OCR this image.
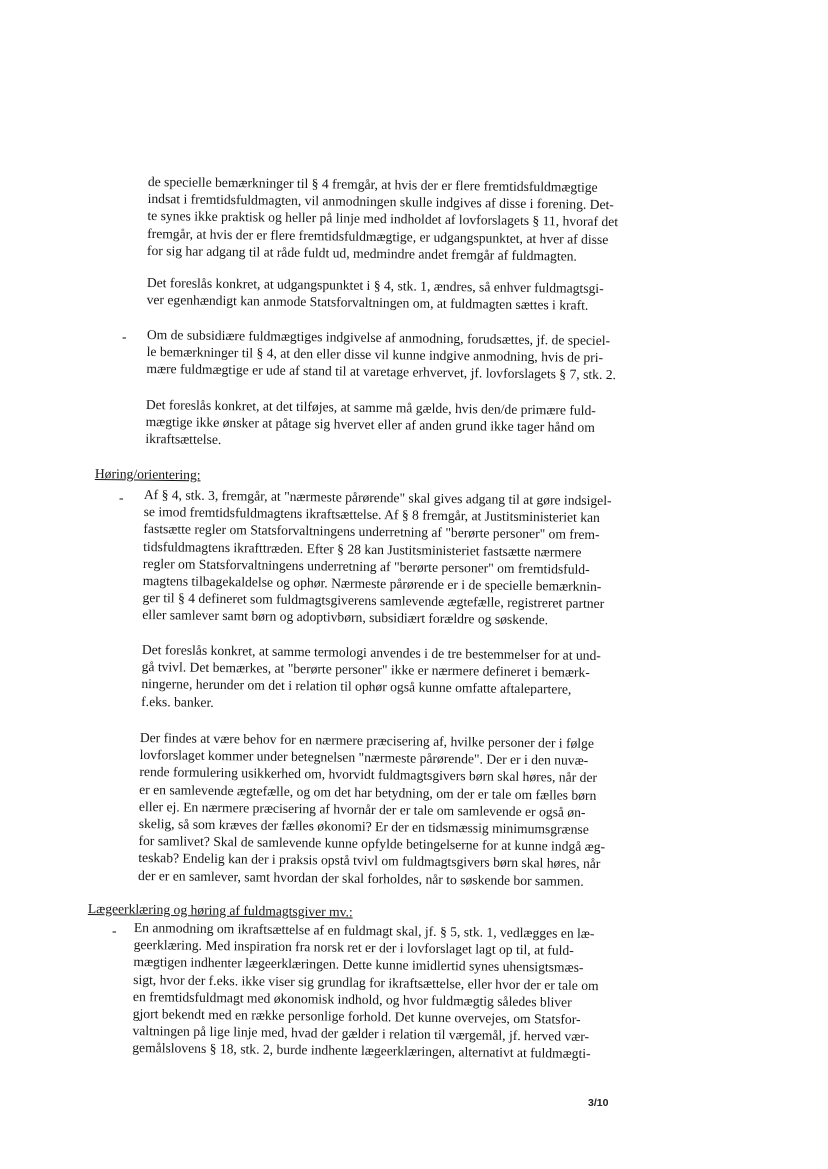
de specielle bemærkninger til § 4 fremgår, at hvis der er flere fremtidsfuldmægtige
indsat i fremtidsfuldmagten, vil anmodningen skulle indgives af disse i forening. Det-
te synes ikke praktisk og heller på linje med indholdet af lovforslagets § 11, hvoraf det
fremgår, at hvis der er flere fremtidsfuldmægtige, er udgangspunktet, at hver af disse
for sig har adgang til at råde fuldt ud, medmindre andet fremgår af fuldmagten.
Det foreslås konkret, at udgangspunktet i § 4, stk. 1, ændres, så enhver fuldmagtsgi-
ver egenhændigt kan anmode Statsforvaltningen om, at fuldmagten sættes i kraft.
- Om de subsidiære fuldmægtiges indgivelse af anmodning, forudsættes, jf. de speciel-
le bemærkninger til § 4, at den eller disse vil kunne indgive anmodning, hvis de pri-
mære fuldmægtige er ude af stand til at varetage erhvervet, jf. lovforslagets § 7, stk. 2.
Det foreslås konkret, at det tilføjes, at samme må gælde, hvis den/de primære fuld-
mægtige ikke ønsker at påtage sig hvervet eller af anden grund ikke tager hånd om
ikraftsættelse.
Høring/orientering:
- Af § 4, stk. 3, fremgår, at "nærmeste pårørende" skal gives adgang til at gøre indsigel-
se imod fremtidsfuldmagtens ikraftsættelse. Af § 8 fremgår, at Justitsministeriet kan
fastsætte regler om Statsforvaltningens underretning af "berørte personer" om frem-
tidsfuldmagtens ikrafttræden. Efter § 28 kan Justitsministeriet fastsætte nærmere
regler om Statsforvaltningens underretning af "berørte personer" om fremtidsfuld-
magtens tilbagekaldelse og ophør. Nærmeste pårørende er i de specielle bemærknin-
ger til § 4 defineret som fuldmagtsgiverens samlevende ægtefælle, registreret partner
eller samlever samt børn og adoptivbørn, subsidiært forældre og søskende.
Det foreslås konkret, at samme termologi anvendes i de tre bestemmelser for at und-
gå tvivl. Det bemærkes, at "berørte personer" ikke er nærmere defineret i bemærk-
ningerne, herunder om det i relation til ophør også kunne omfatte aftalepartere,
f.eks. banker.
Der findes at være behov for en nærmere præcisering af, hvilke personer der i følge
lovforslaget kommer under betegnelsen "nærmeste pårørende". Der er i den nuvæ-
rende formulering usikkerhed om, hvorvidt fuldmagtsgivers børn skal høres, når der
er en samlevende ægtefælle, og om det har betydning, om der er tale om fælles børn
eller ej. En nærmere præcisering af hvornår der er tale om samlevende er også øn-
skelig, så som kræves der fælles økonomi? Er der en tidsmæssig minimumsgrænse
for samlivet? Skal de samlevende kunne opfylde betingelserne for at kunne indgå æg-
teskab? Endelig kan der i praksis opstå tvivl om fuldmagtsgivers børn skal høres, når
der er en samlever, samt hvordan der skal forholdes, når to søskende bor sammen.
Lægeerklæring og høring af fuldmagtsgiver mv.:
- En anmodning om ikraftsættelse af en fuldmagt skal, jf. § 5, stk. 1, vedlægges en læ-
geerklæring. Med inspiration fra norsk ret er der i lovforslaget lagt op til, at fuld-
mægtigen indhenter lægeerklæringen. Dette kunne imidlertid synes uhensigtsmæs-
sigt, hvor der f.eks. ikke viser sig grundlag for ikraftsættelse, eller hvor der er tale om
en fremtidsfuldmagt med økonomisk indhold, og hvor fuldmægtig således bliver
gjort bekendt med en række personlige forhold. Det kunne overvejes, om Statsfor-
valtningen på lige linje med, hvad der gælder i relation til værgemål, jf. herved vær-
gemålslovens § 18, stk. 2, burde indhente lægeerklæringen, alternativt at fuldmægti-
3/10
